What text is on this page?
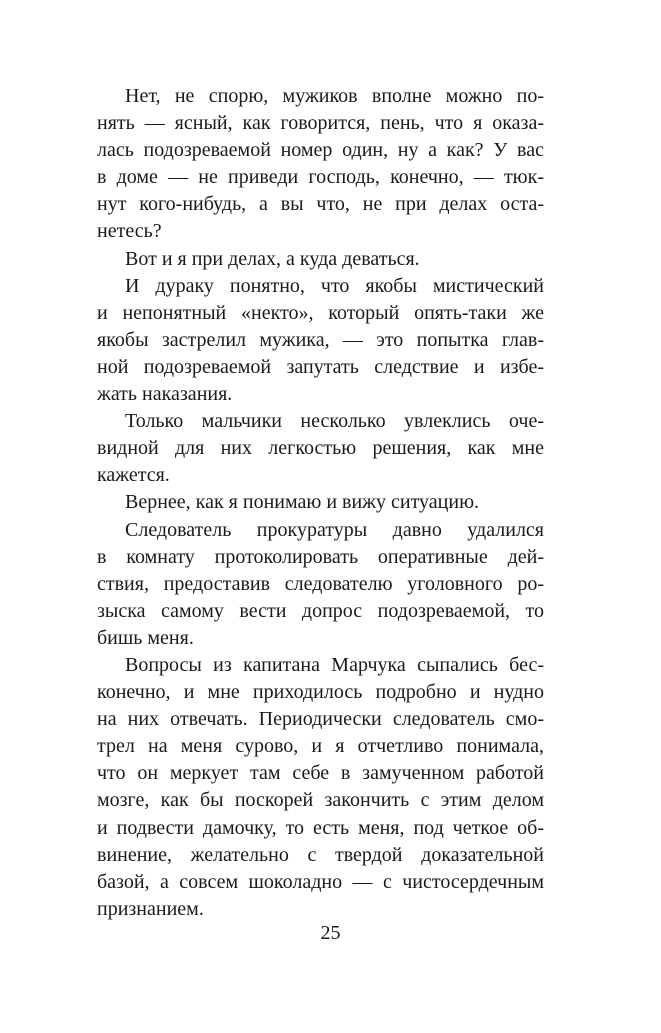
Нет, не спорю, мужиков вполне можно по-
нять — ясный, как говорится, пень, что я оказа-
лась подозреваемой номер один, ну а как? У вас
в доме — не приведи господь, конечно, — тюк-
нут кого-нибудь, а вы что, не при делах оста-
нетесь?

Вот и я при делах, а куда деваться.

И дураку понятно, что якобы мистический
и непонятный «некто», который опять-таки же
якобы застрелил мужика, — это попытка глав-
ной подозреваемой запутать следствие и избе-
жать наказания.

Только мальчики несколько увлеклись оче-
видной для них легкостью решения, как мне
кажется.

Вернее, как я понимаю и вижу ситуацию.

Следователь прокуратуры давно удалился
в комнату протоколировать оперативные дей-
ствия, предоставив следователю уголовного ро-
зыска самому вести допрос подозреваемой, то
бишь меня.

Вопросы из капитана Марчука сыпались бес-
конечно, и мне приходилось подробно и нудно
на них отвечать. Периодически следователь смо-
трел на меня сурово, и я отчетливо понимала,
что он меркует там себе в замученном работой
мозге, как бы поскорей закончить с этим делом
и подвести дамочку, то есть меня, под четкое об-
винение, желательно с твердой доказательной
базой, а совсем шоколадно — с чистосердечным
признанием.

25
